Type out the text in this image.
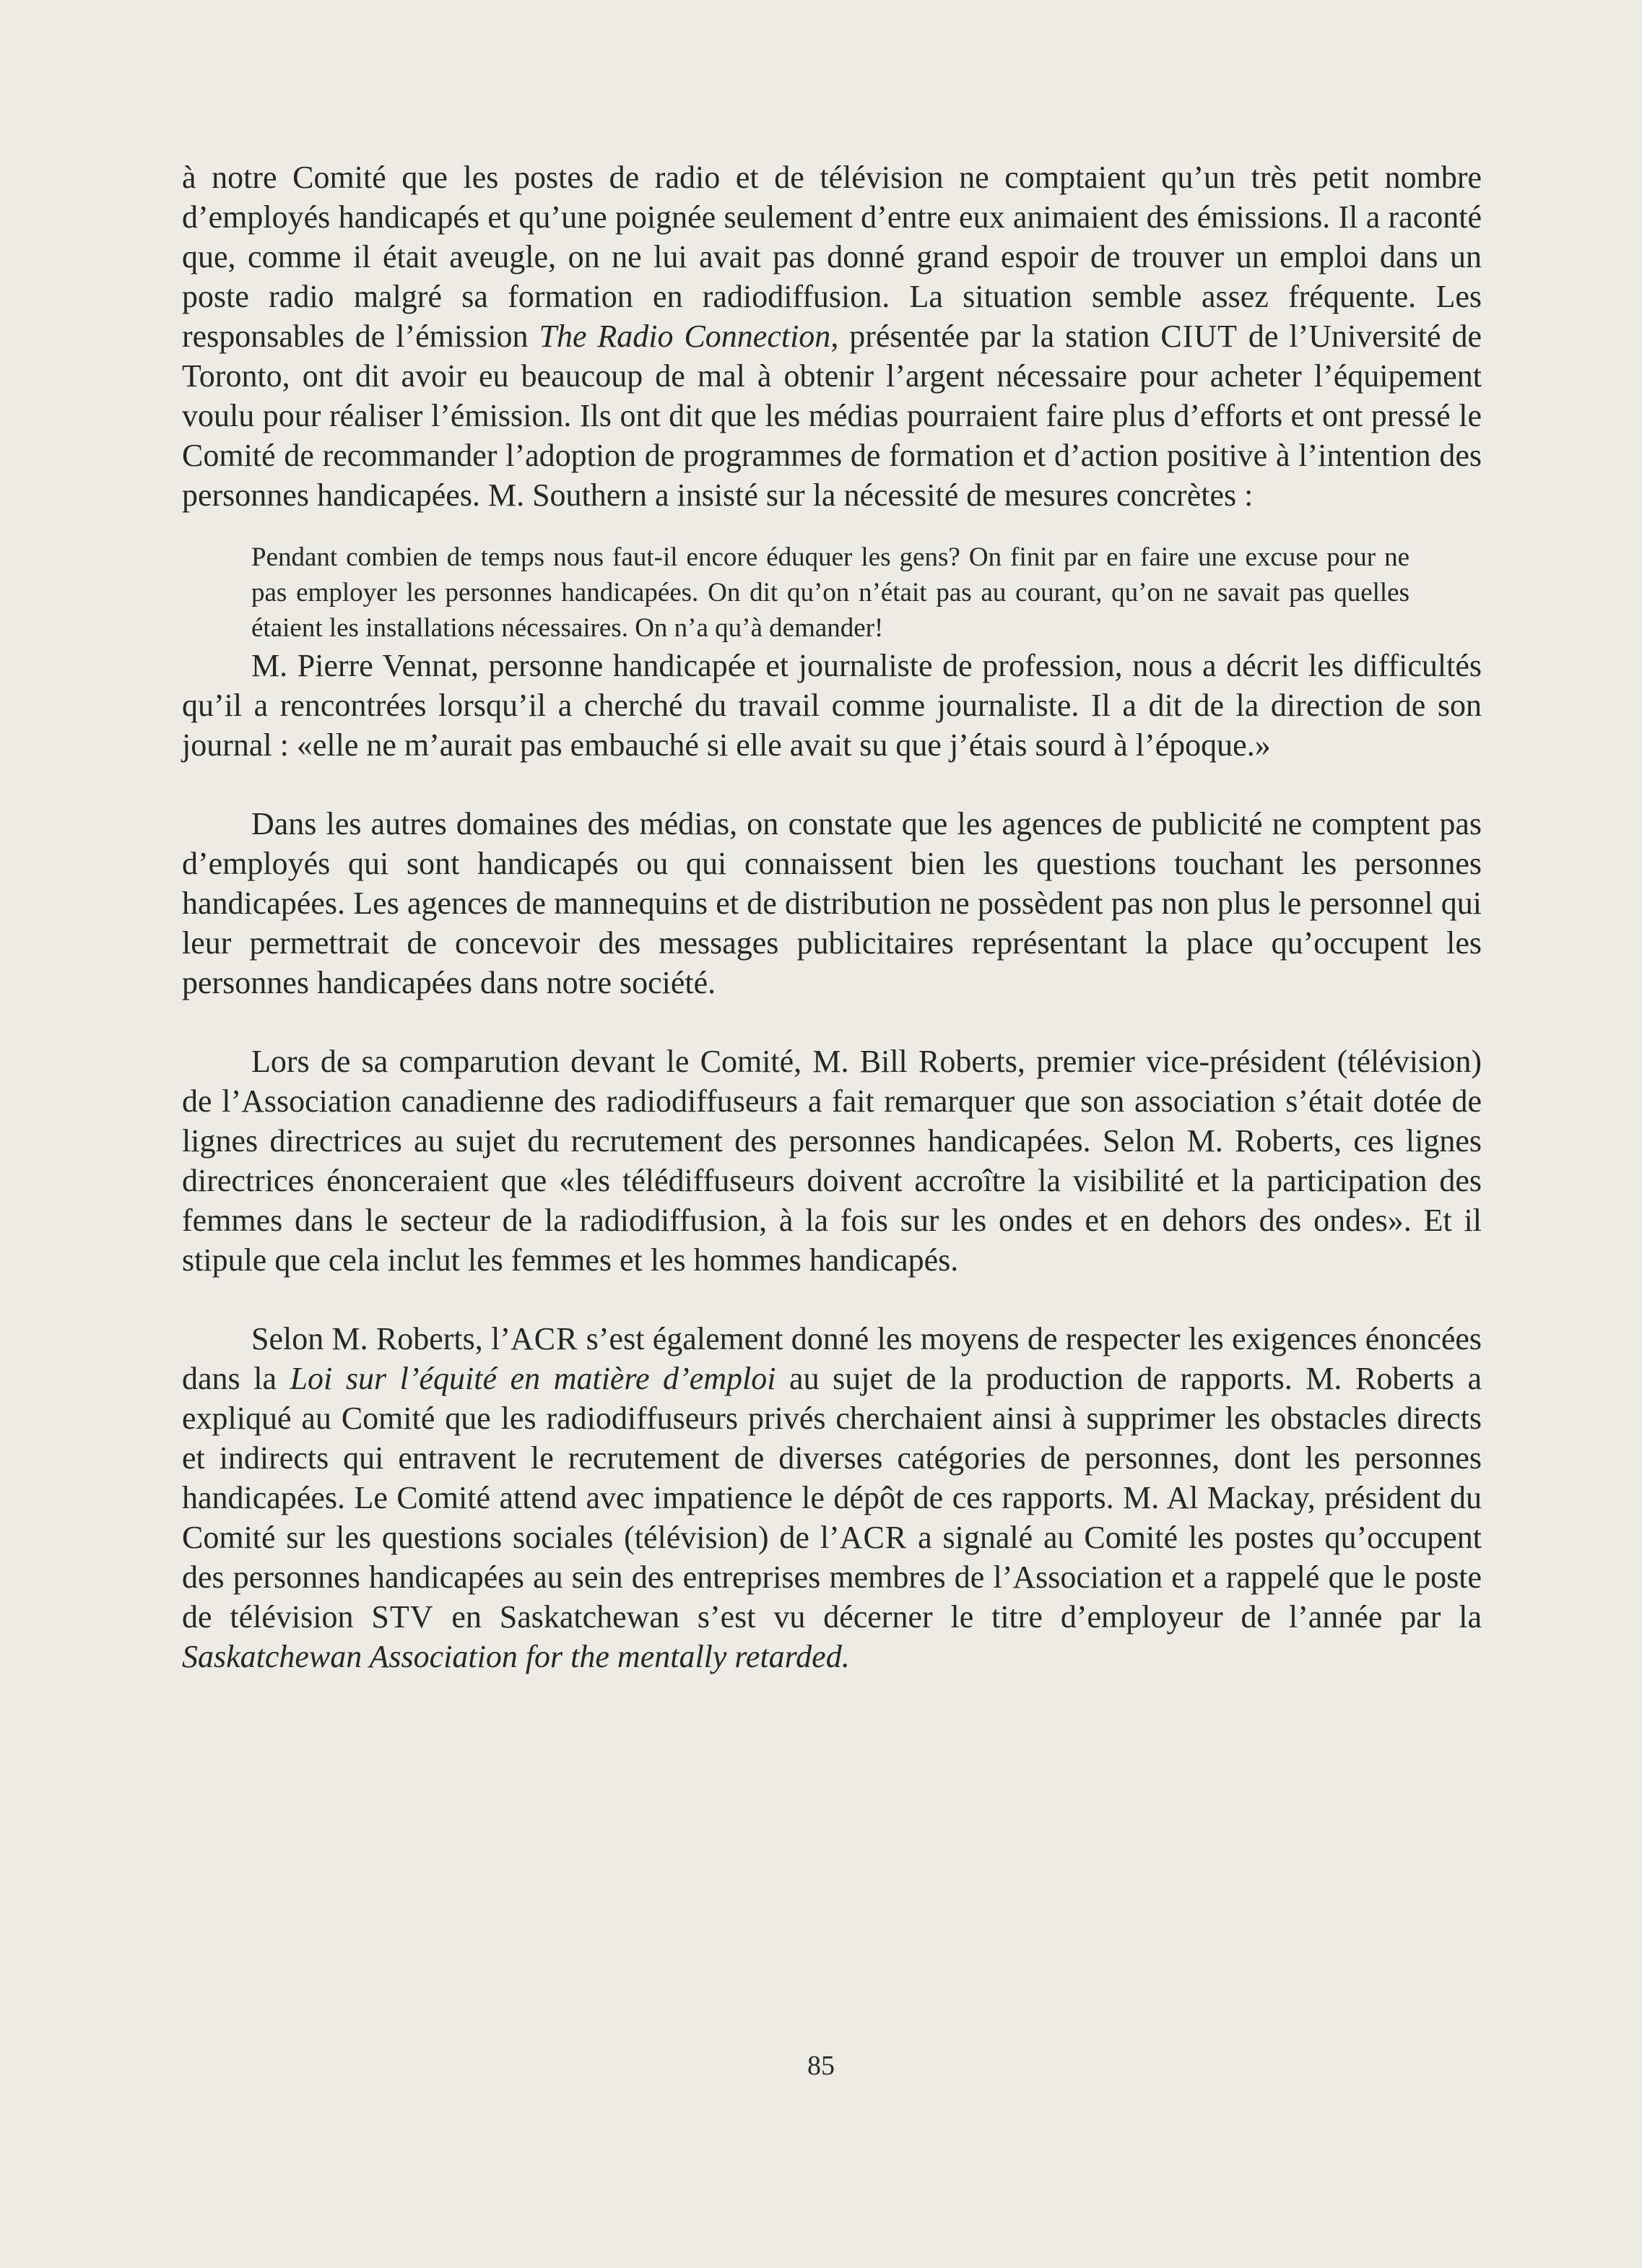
à notre Comité que les postes de radio et de télévision ne comptaient qu’un très petit nombre d’employés handicapés et qu’une poignée seulement d’entre eux animaient des émissions. Il a raconté que, comme il était aveugle, on ne lui avait pas donné grand espoir de trouver un emploi dans un poste radio malgré sa formation en radiodiffusion. La situation semble assez fréquente. Les responsables de l’émission The Radio Connection, présentée par la station CIUT de l’Université de Toronto, ont dit avoir eu beaucoup de mal à obtenir l’argent nécessaire pour acheter l’équipement voulu pour réaliser l’émission. Ils ont dit que les médias pourraient faire plus d’efforts et ont pressé le Comité de recommander l’adoption de programmes de formation et d’action positive à l’intention des personnes handicapées. M. Southern a insisté sur la nécessité de mesures concrètes :

Pendant combien de temps nous faut-il encore éduquer les gens? On finit par en faire une excuse pour ne pas employer les personnes handicapées. On dit qu’on n’était pas au courant, qu’on ne savait pas quelles étaient les installations nécessaires. On n’a qu’à demander!

M. Pierre Vennat, personne handicapée et journaliste de profession, nous a décrit les difficultés qu’il a rencontrées lorsqu’il a cherché du travail comme journaliste. Il a dit de la direction de son journal : «elle ne m’aurait pas embauché si elle avait su que j’étais sourd à l’époque.»

Dans les autres domaines des médias, on constate que les agences de publicité ne comptent pas d’employés qui sont handicapés ou qui connaissent bien les questions touchant les personnes handicapées. Les agences de mannequins et de distribution ne possèdent pas non plus le personnel qui leur permettrait de concevoir des messages publicitaires représentant la place qu’occupent les personnes handicapées dans notre société.

Lors de sa comparution devant le Comité, M. Bill Roberts, premier vice-président (télévision) de l’Association canadienne des radiodiffuseurs a fait remarquer que son association s’était dotée de lignes directrices au sujet du recrutement des personnes handicapées. Selon M. Roberts, ces lignes directrices énonceraient que «les télédiffuseurs doivent accroître la visibilité et la participation des femmes dans le secteur de la radiodiffusion, à la fois sur les ondes et en dehors des ondes». Et il stipule que cela inclut les femmes et les hommes handicapés.

Selon M. Roberts, l’ACR s’est également donné les moyens de respecter les exigences énoncées dans la Loi sur l’équité en matière d’emploi au sujet de la production de rapports. M. Roberts a expliqué au Comité que les radiodiffuseurs privés cherchaient ainsi à supprimer les obstacles directs et indirects qui entravent le recrutement de diverses catégories de personnes, dont les personnes handicapées. Le Comité attend avec impatience le dépôt de ces rapports. M. Al Mackay, président du Comité sur les questions sociales (télévision) de l’ACR a signalé au Comité les postes qu’occupent des personnes handicapées au sein des entreprises membres de l’Association et a rappelé que le poste de télévision STV en Saskatchewan s’est vu décerner le titre d’employeur de l’année par la Saskatchewan Association for the mentally retarded.

85
